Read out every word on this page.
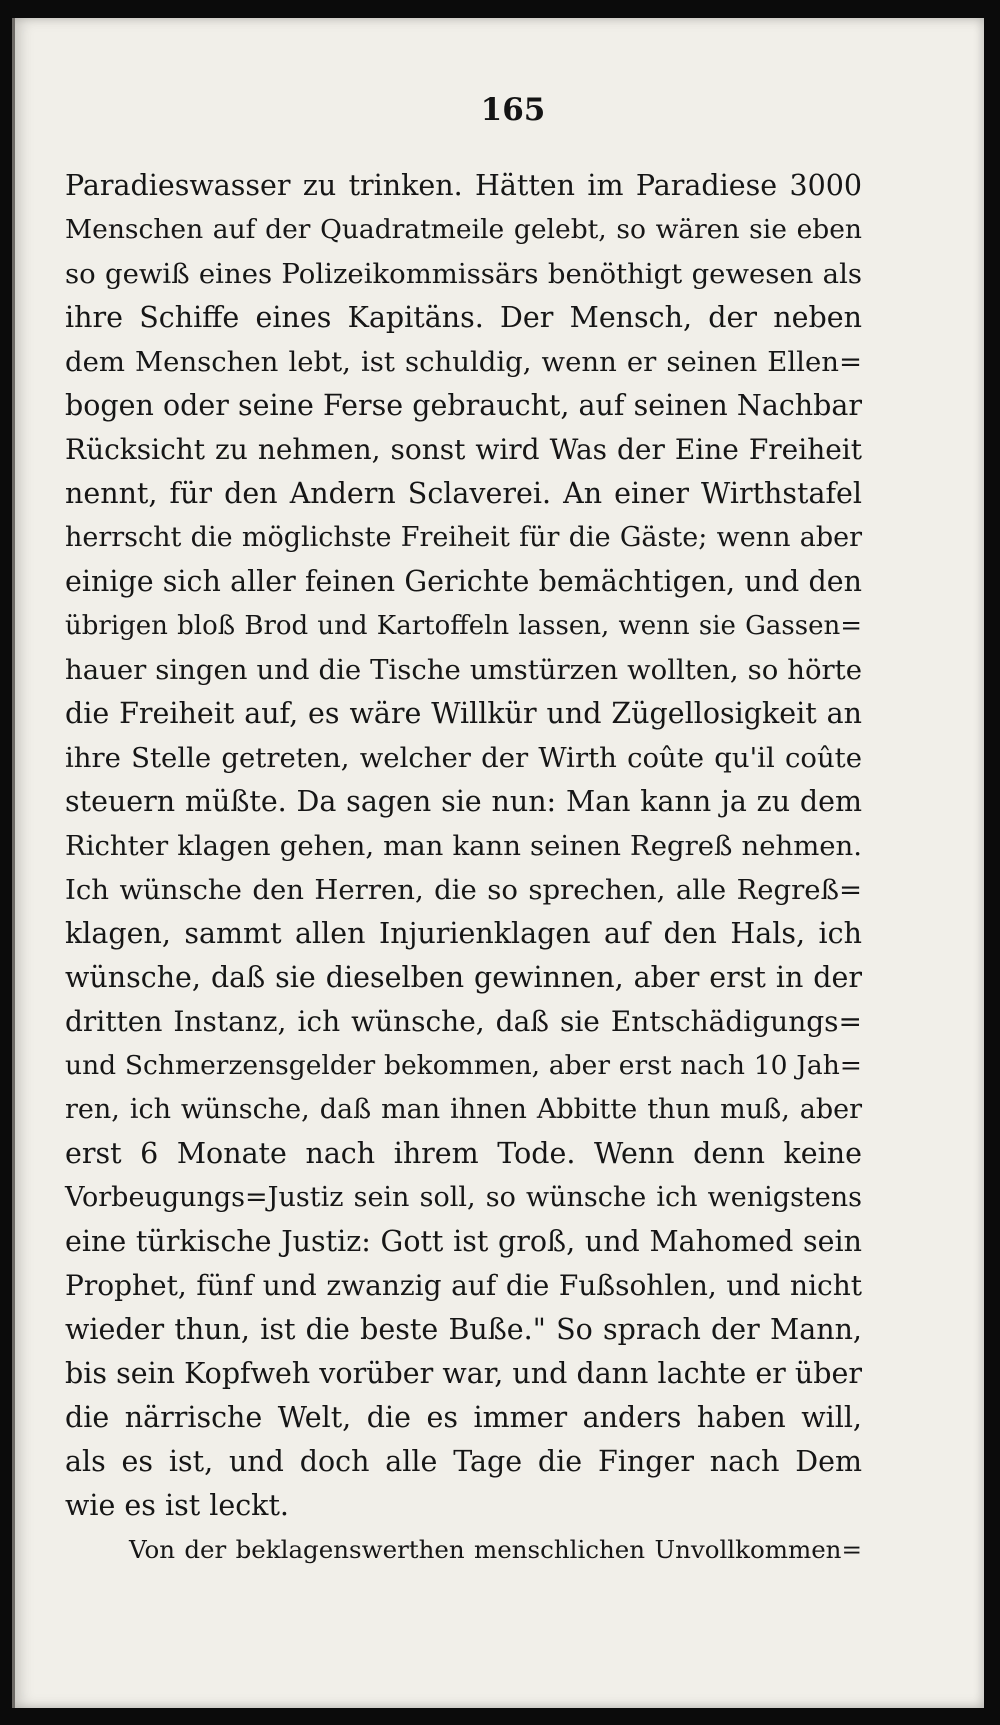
165
Paradieswasser zu trinken. Hätten im Paradiese 3000
Menschen auf der Quadratmeile gelebt, so wären sie eben
so gewiß eines Polizeikommissärs benöthigt gewesen als
ihre Schiffe eines Kapitäns. Der Mensch, der neben
dem Menschen lebt, ist schuldig, wenn er seinen Ellen=
bogen oder seine Ferse gebraucht, auf seinen Nachbar
Rücksicht zu nehmen, sonst wird Was der Eine Freiheit
nennt, für den Andern Sclaverei. An einer Wirthstafel
herrscht die möglichste Freiheit für die Gäste; wenn aber
einige sich aller feinen Gerichte bemächtigen, und den
übrigen bloß Brod und Kartoffeln lassen, wenn sie Gassen=
hauer singen und die Tische umstürzen wollten, so hörte
die Freiheit auf, es wäre Willkür und Zügellosigkeit an
ihre Stelle getreten, welcher der Wirth coûte qu'il coûte
steuern müßte. Da sagen sie nun: Man kann ja zu dem
Richter klagen gehen, man kann seinen Regreß nehmen.
Ich wünsche den Herren, die so sprechen, alle Regreß=
klagen, sammt allen Injurienklagen auf den Hals, ich
wünsche, daß sie dieselben gewinnen, aber erst in der
dritten Instanz, ich wünsche, daß sie Entschädigungs=
und Schmerzensgelder bekommen, aber erst nach 10 Jah=
ren, ich wünsche, daß man ihnen Abbitte thun muß, aber
erst 6 Monate nach ihrem Tode. Wenn denn keine
Vorbeugungs=Justiz sein soll, so wünsche ich wenigstens
eine türkische Justiz: Gott ist groß, und Mahomed sein
Prophet, fünf und zwanzig auf die Fußsohlen, und nicht
wieder thun, ist die beste Buße." So sprach der Mann,
bis sein Kopfweh vorüber war, und dann lachte er über
die närrische Welt, die es immer anders haben will,
als es ist, und doch alle Tage die Finger nach Dem
wie es ist leckt.
Von der beklagenswerthen menschlichen Unvollkommen=
